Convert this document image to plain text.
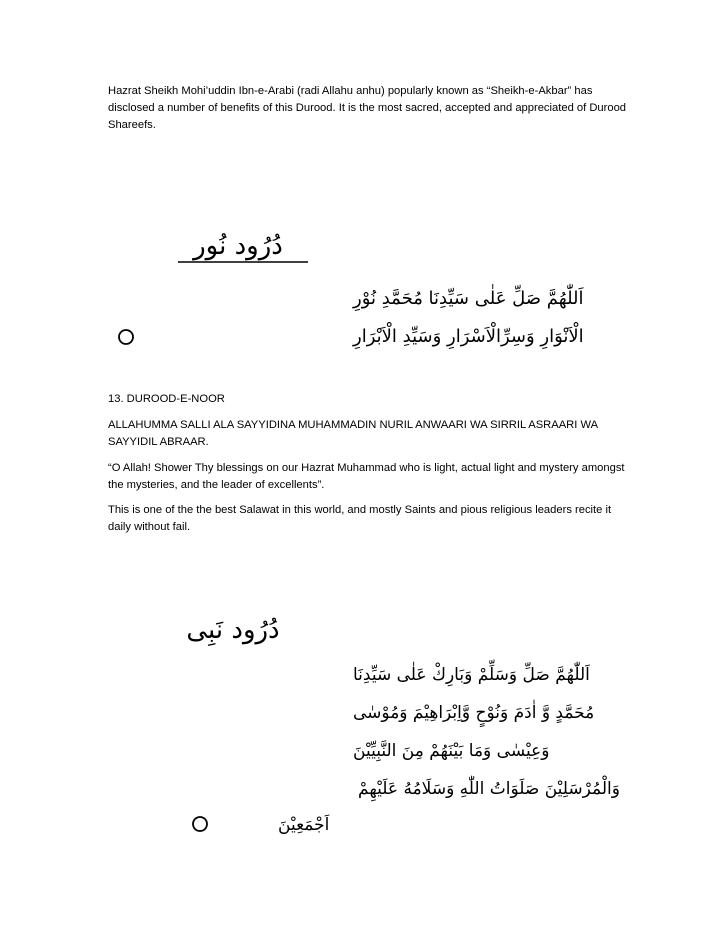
Hazrat Sheikh Mohi’uddin Ibn-e-Arabi (radi Allahu anhu) popularly known as “Sheikh-e-Akbar” has disclosed a number of benefits of this Durood. It is the most sacred, accepted and appreciated of Durood Shareefs.

دُرُود نُور
اَللّٰهُمَّ صَلِّ عَلٰى سَيِّدِنَا مُحَمَّدِ نُوْرِ
الْاَنْوَارِ وَسِرِّالْاَسْرَارِ وَسَيِّدِ الْاَبْرَارِ

13. DUROOD-E-NOOR

ALLAHUMMA SALLI ALA SAYYIDINA MUHAMMADIN NURIL ANWAARI WA SIRRIL ASRAARI WA SAYYIDIL ABRAAR.

“O Allah! Shower Thy blessings on our Hazrat Muhammad who is light, actual light and mystery amongst the mysteries, and the leader of excellents”.

This is one of the the best Salawat in this world, and mostly Saints and pious religious leaders recite it daily without fail.

دُرُود نَبِى
اَللّٰهُمَّ صَلِّ وَسَلِّمْ وَبَارِكْ عَلٰى سَيِّدِنَا
مُحَمَّدٍ وَّ اٰدَمَ وَنُوْحٍ وَّاِبْرَاهِيْمَ وَمُوْسٰى
وَعِيْسٰى وَمَا بَيْنَهُمْ مِنَ النَّبِيِّيْنَ
وَالْمُرْسَلِيْنَ صَلَوَاتُ اللّٰهِ وَسَلَامُهُ عَلَيْهِمْ
اَجْمَعِيْنَ
